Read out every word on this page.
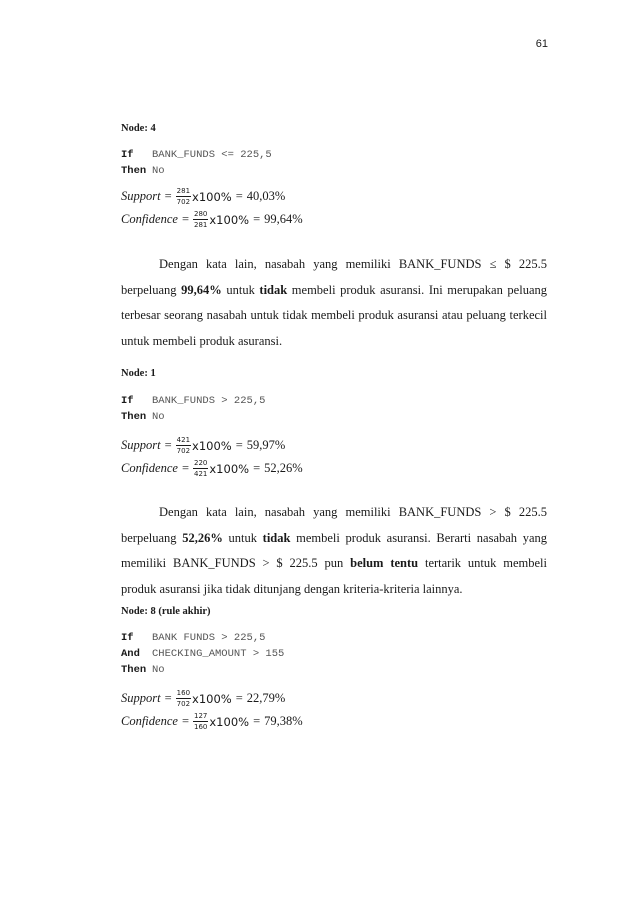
61
Node: 4
If	BANK_FUNDS <= 225,5
Then No
Support = $\frac{281}{702} x100\% = 40,03\%$
Confidence = $\frac{280}{281} x100\% = 99,64\%$

Dengan kata lain, nasabah yang memiliki BANK_FUNDS ≤ $ 225.5 berpeluang 99,64% untuk tidak membeli produk asuransi. Ini merupakan peluang terbesar seorang nasabah untuk tidak membeli produk asuransi atau peluang terkecil untuk membeli produk asuransi.

Node: 1
If	BANK_FUNDS > 225,5
Then No
Support = $\frac{421}{702} x100\% = 59,97\%$
Confidence = $\frac{220}{421} x100\% = 52,26\%$

Dengan kata lain, nasabah yang memiliki BANK_FUNDS > $ 225.5 berpeluang 52,26% untuk tidak membeli produk asuransi. Berarti nasabah yang memiliki BANK_FUNDS > $ 225.5 pun belum tentu tertarik untuk membeli produk asuransi jika tidak ditunjang dengan kriteria-kriteria lainnya.

Node: 8 (rule akhir)
If	BANK FUNDS > 225,5
And	CHECKING_AMOUNT > 155
Then No
Support = $\frac{160}{702} x100\% = 22,79\%$
Confidence = $\frac{127}{160} x100\% = 79,38\%$
